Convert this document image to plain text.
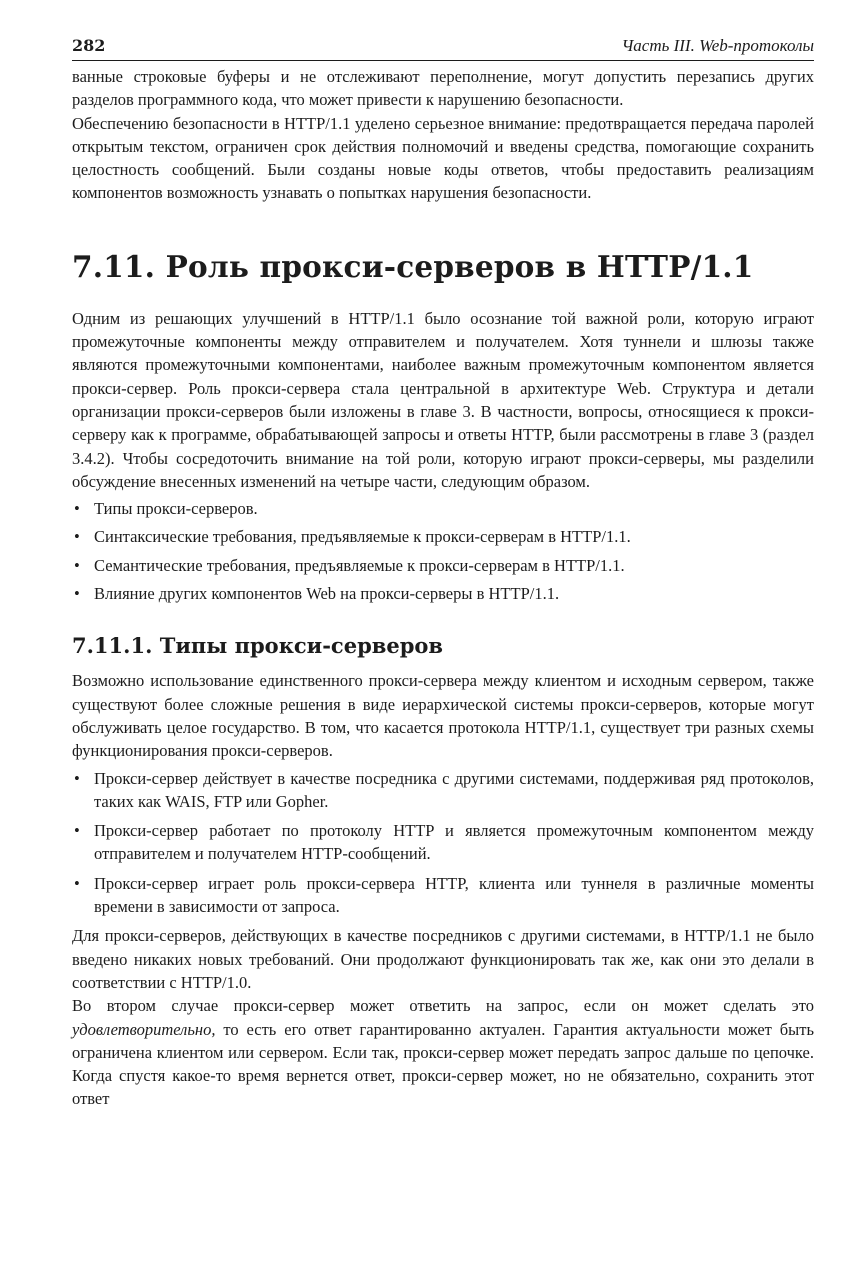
282	Часть III. Web-протоколы

ванные строковые буферы и не отслеживают переполнение, могут допустить перезапись других разделов программного кода, что может привести к нарушению безопасности.

Обеспечению безопасности в HTTP/1.1 уделено серьезное внимание: предотвращается передача паролей открытым текстом, ограничен срок действия полномочий и введены средства, помогающие сохранить целостность сообщений. Были созданы новые коды ответов, чтобы предоставить реализациям компонентов возможность узнавать о попытках нарушения безопасности.

7.11. Роль прокси-серверов в HTTP/1.1

Одним из решающих улучшений в HTTP/1.1 было осознание той важной роли, которую играют промежуточные компоненты между отправителем и получателем. Хотя туннели и шлюзы также являются промежуточными компонентами, наиболее важным промежуточным компонентом является прокси-сервер. Роль прокси-сервера стала центральной в архитектуре Web. Структура и детали организации прокси-серверов были изложены в главе 3. В частности, вопросы, относящиеся к прокси-серверу как к программе, обрабатывающей запросы и ответы HTTP, были рассмотрены в главе 3 (раздел 3.4.2). Чтобы сосредоточить внимание на той роли, которую играют прокси-серверы, мы разделили обсуждение внесенных изменений на четыре части, следующим образом.

• Типы прокси-серверов.
• Синтаксические требования, предъявляемые к прокси-серверам в HTTP/1.1.
• Семантические требования, предъявляемые к прокси-серверам в HTTP/1.1.
• Влияние других компонентов Web на прокси-серверы в HTTP/1.1.
7.11.1. Типы прокси-серверов

Возможно использование единственного прокси-сервера между клиентом и исходным сервером, также существуют более сложные решения в виде иерархической системы прокси-серверов, которые могут обслуживать целое государство. В том, что касается протокола HTTP/1.1, существует три разных схемы функционирования прокси-серверов.

• Прокси-сервер действует в качестве посредника с другими системами, поддерживая ряд протоколов, таких как WAIS, FTP или Gopher.
• Прокси-сервер работает по протоколу HTTP и является промежуточным компонентом между отправителем и получателем HTTP-сообщений.
• Прокси-сервер играет роль прокси-сервера HTTP, клиента или туннеля в различные моменты времени в зависимости от запроса.

Для прокси-серверов, действующих в качестве посредников с другими системами, в HTTP/1.1 не было введено никаких новых требований. Они продолжают функционировать так же, как они это делали в соответствии с HTTP/1.0.

Во втором случае прокси-сервер может ответить на запрос, если он может сделать это удовлетворительно, то есть его ответ гарантированно актуален. Гарантия актуальности может быть ограничена клиентом или сервером. Если так, прокси-сервер может передать запрос дальше по цепочке. Когда спустя какое-то время вернется ответ, прокси-сервер может, но не обязательно, сохранить этот ответ
